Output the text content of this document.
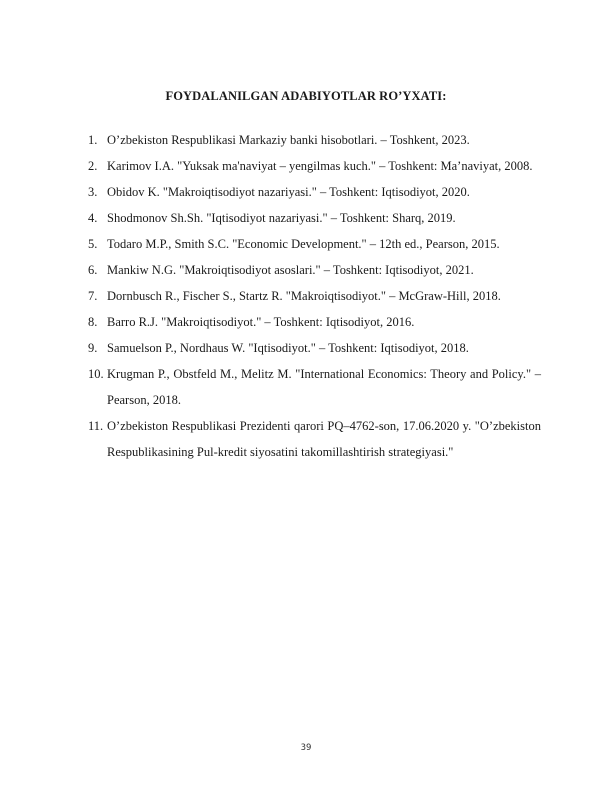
FOYDALANILGAN ADABIYOTLAR RO’YXATI:
1. O’zbekiston Respublikasi Markaziy banki hisobotlari. – Toshkent, 2023.
2. Karimov I.A. "Yuksak ma'naviyat – yengilmas kuch." – Toshkent: Ma’naviyat, 2008.
3. Obidov K. "Makroiqtisodiyot nazariyasi." – Toshkent: Iqtisodiyot, 2020.
4. Shodmonov Sh.Sh. "Iqtisodiyot nazariyasi." – Toshkent: Sharq, 2019.
5. Todaro M.P., Smith S.C. "Economic Development." – 12th ed., Pearson, 2015.
6. Mankiw N.G. "Makroiqtisodiyot asoslari." – Toshkent: Iqtisodiyot, 2021.
7. Dornbusch R., Fischer S., Startz R. "Makroiqtisodiyot." – McGraw-Hill, 2018.
8. Barro R.J. "Makroiqtisodiyot." – Toshkent: Iqtisodiyot, 2016.
9. Samuelson P., Nordhaus W. "Iqtisodiyot." – Toshkent: Iqtisodiyot, 2018.
10. Krugman P., Obstfeld M., Melitz M. "International Economics: Theory and Policy." – Pearson, 2018.
11. O’zbekiston Respublikasi Prezidenti qarori PQ–4762-son, 17.06.2020 y. "O’zbekiston Respublikasining Pul-kredit siyosatini takomillashtirish strategiyasi."
39
